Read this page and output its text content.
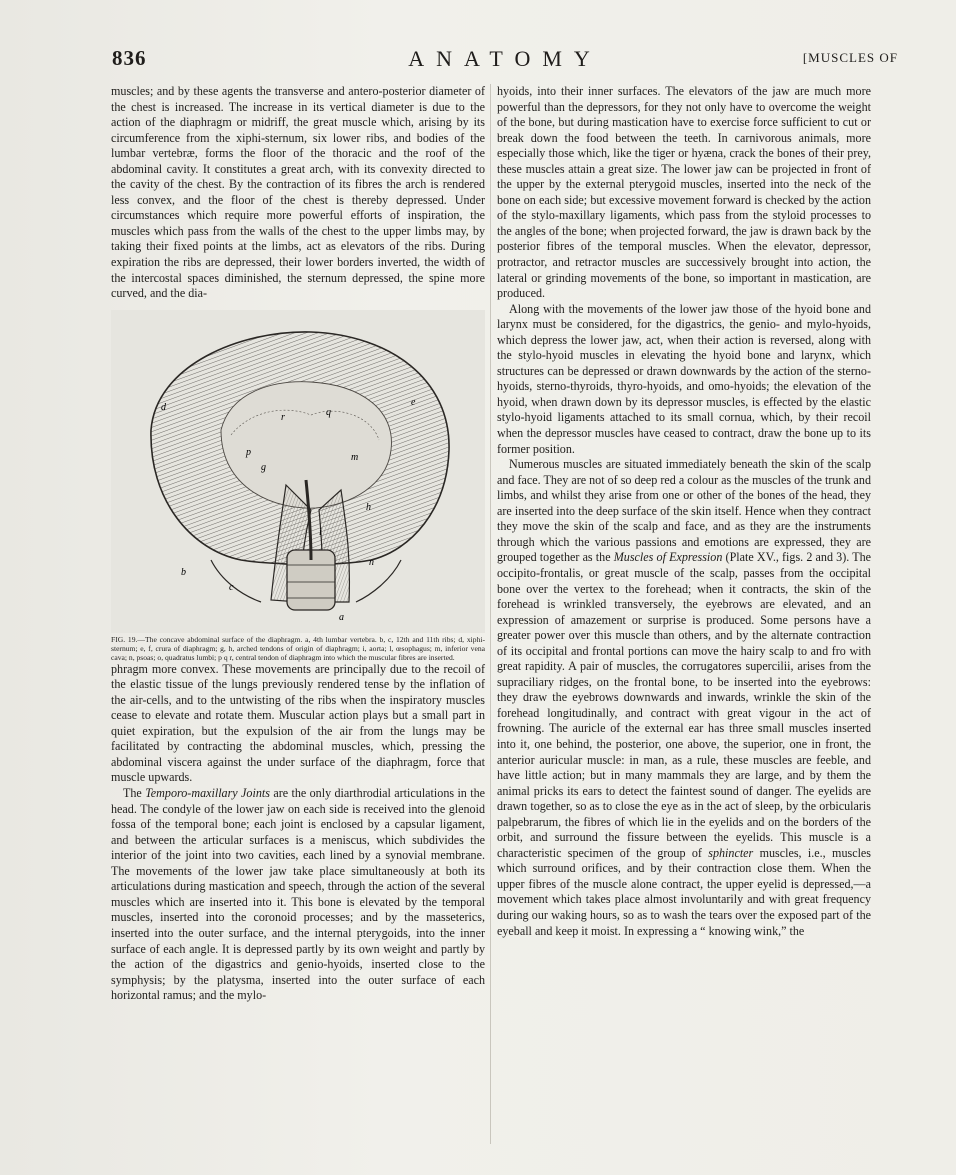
836	ANATOMY	[MUSCLES OF

muscles; and by these agents the transverse and antero-posterior diameter of the chest is increased. The increase in its vertical diameter is due to the action of the diaphragm or midriff, the great muscle which, arising by its circumference from the xiphi-sternum, six lower ribs, and bodies of the lumbar vertebræ, forms the floor of the thoracic and the roof of the abdominal cavity. It constitutes a great arch, with its convexity directed to the cavity of the chest. By the contraction of its fibres the arch is rendered less convex, and the floor of the chest is thereby depressed. Under circumstances which require more powerful efforts of inspiration, the muscles which pass from the walls of the chest to the upper limbs may, by taking their fixed points at the limbs, act as elevators of the ribs. During expiration the ribs are depressed, their lower borders inverted, the width of the intercostal spaces diminished, the sternum depressed, the spine more curved, and the dia-

d	e
r	q
m
g
h
p
b
c
a
n
i

FIG. 19.—The concave abdominal surface of the diaphragm. a, 4th lumbar vertebra. b, c, 12th and 11th ribs; d, xiphi-sternum; e, f, crura of diaphragm; g, h, arched tendons of origin of diaphragm; i, aorta; l, œsophagus; m, inferior vena cava; n, psoas; o, quadratus lumbi; p q r, central tendon of diaphragm into which the muscular fibres are inserted.

phragm more convex. These movements are principally due to the recoil of the elastic tissue of the lungs previously rendered tense by the inflation of the air-cells, and to the untwisting of the ribs when the inspiratory muscles cease to elevate and rotate them. Muscular action plays but a small part in quiet expiration, but the expulsion of the air from the lungs may be facilitated by contracting the abdominal muscles, which, pressing the abdominal viscera against the under surface of the diaphragm, force that muscle upwards.

The Temporo-maxillary Joints are the only diarthrodial articulations in the head. The condyle of the lower jaw on each side is received into the glenoid fossa of the temporal bone; each joint is enclosed by a capsular ligament, and between the articular surfaces is a meniscus, which subdivides the interior of the joint into two cavities, each lined by a synovial membrane. The movements of the lower jaw take place simultaneously at both its articulations during mastication and speech, through the action of the several muscles which are inserted into it. This bone is elevated by the temporal muscles, inserted into the coronoid processes; and by the masseterics, inserted into the outer surface, and the internal pterygoids, into the inner surface of each angle. It is depressed partly by its own weight and partly by the action of the digastrics and genio-hyoids, inserted close to the symphysis; by the platysma, inserted into the outer surface of each horizontal ramus; and the mylo-

hyoids, into their inner surfaces. The elevators of the jaw are much more powerful than the depressors, for they not only have to overcome the weight of the bone, but during mastication have to exercise force sufficient to cut or break down the food between the teeth. In carnivorous animals, more especially those which, like the tiger or hyæna, crack the bones of their prey, these muscles attain a great size. The lower jaw can be projected in front of the upper by the external pterygoid muscles, inserted into the neck of the bone on each side; but excessive movement forward is checked by the action of the stylo-maxillary ligaments, which pass from the styloid processes to the angles of the bone; when projected forward, the jaw is drawn back by the posterior fibres of the temporal muscles. When the elevator, depressor, protractor, and retractor muscles are successively brought into action, the lateral or grinding movements of the bone, so important in mastication, are produced.

Along with the movements of the lower jaw those of the hyoid bone and larynx must be considered, for the digastrics, the genio- and mylo-hyoids, which depress the lower jaw, act, when their action is reversed, along with the stylo-hyoid muscles in elevating the hyoid bone and larynx, which structures can be depressed or drawn downwards by the action of the sterno-hyoids, sterno-thyroids, thyro-hyoids, and omo-hyoids; the elevation of the hyoid, when drawn down by its depressor muscles, is effected by the elastic stylo-hyoid ligaments attached to its small cornua, which, by their recoil when the depressor muscles have ceased to contract, draw the bone up to its former position.

Numerous muscles are situated immediately beneath the skin of the scalp and face. They are not of so deep red a colour as the muscles of the trunk and limbs, and whilst they arise from one or other of the bones of the head, they are inserted into the deep surface of the skin itself. Hence when they contract they move the skin of the scalp and face, and as they are the instruments through which the various passions and emotions are expressed, they are grouped together as the Muscles of Expression (Plate XV., figs. 2 and 3). The occipito-frontalis, or great muscle of the scalp, passes from the occipital bone over the vertex to the forehead; when it contracts, the skin of the forehead is wrinkled transversely, the eyebrows are elevated, and an expression of amazement or surprise is produced. Some persons have a greater power over this muscle than others, and by the alternate contraction of its occipital and frontal portions can move the hairy scalp to and fro with great rapidity. A pair of muscles, the corrugatores supercilii, arises from the supraciliary ridges, on the frontal bone, to be inserted into the eyebrows: they draw the eyebrows downwards and inwards, wrinkle the skin of the forehead longitudinally, and contract with great vigour in the act of frowning. The auricle of the external ear has three small muscles inserted into it, one behind, the posterior, one above, the superior, one in front, the anterior auricular muscle: in man, as a rule, these muscles are feeble, and have little action; but in many mammals they are large, and by them the animal pricks its ears to detect the faintest sound of danger. The eyelids are drawn together, so as to close the eye as in the act of sleep, by the orbicularis palpebrarum, the fibres of which lie in the eyelids and on the borders of the orbit, and surround the fissure between the eyelids. This muscle is a characteristic specimen of the group of sphincter muscles, i.e., muscles which surround orifices, and by their contraction close them. When the upper fibres of the muscle alone contract, the upper eyelid is depressed,—a movement which takes place almost involuntarily and with great frequency during our waking hours, so as to wash the tears over the exposed part of the eyeball and keep it moist. In expressing a “ knowing wink,” the
